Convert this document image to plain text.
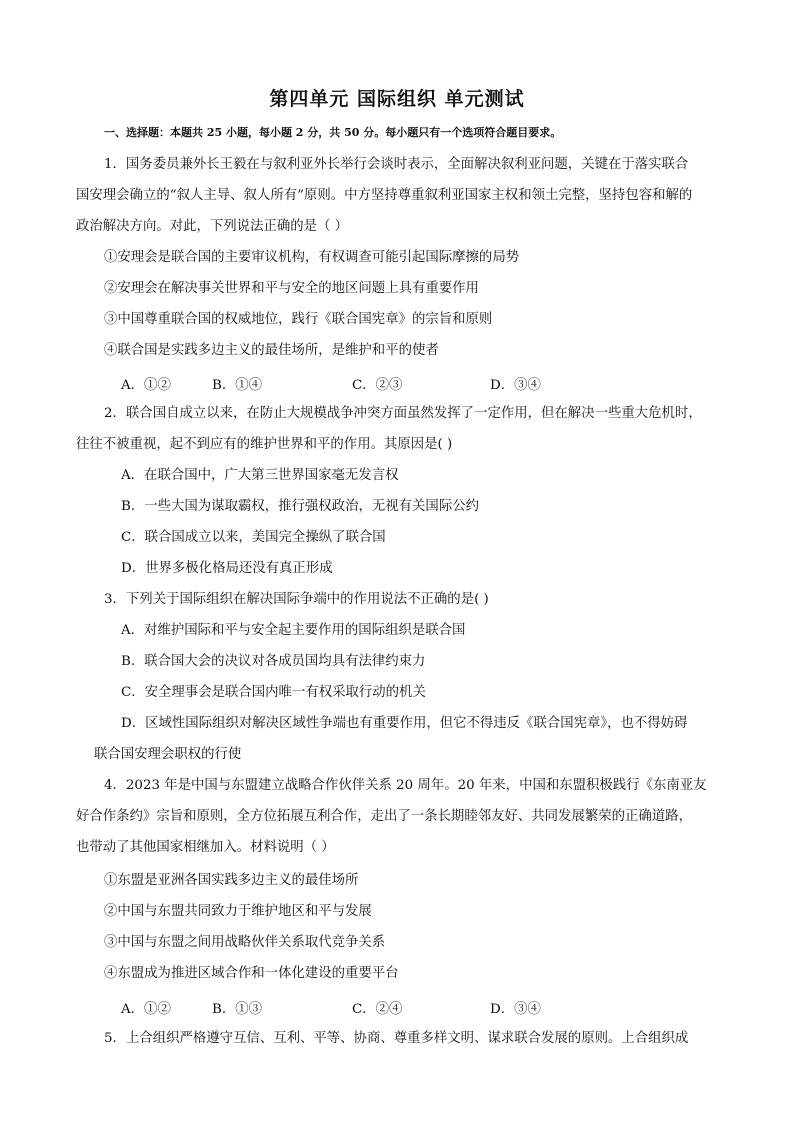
第四单元 国际组织 单元测试
一、选择题：本题共 25 小题，每小题 2 分，共 50 分。每小题只有一个选项符合题目要求。
1．国务委员兼外长王毅在与叙利亚外长举行会谈时表示，全面解决叙利亚问题，关键在于落实联合
国安理会确立的“叙人主导、叙人所有”原则。中方坚持尊重叙利亚国家主权和领土完整，坚持包容和解的
政治解决方向。对此，下列说法正确的是（ ）
①安理会是联合国的主要审议机构，有权调查可能引起国际摩擦的局势
②安理会在解决事关世界和平与安全的地区问题上具有重要作用
③中国尊重联合国的权威地位，践行《联合国宪章》的宗旨和原则
④联合国是实践多边主义的最佳场所，是维护和平的使者
A．①②	B．①④	C．②③	D．③④
2．联合国自成立以来，在防止大规模战争冲突方面虽然发挥了一定作用，但在解决一些重大危机时，
往往不被重视，起不到应有的维护世界和平的作用。其原因是( )
A．在联合国中，广大第三世界国家毫无发言权
B．一些大国为谋取霸权，推行强权政治，无视有关国际公约
C．联合国成立以来，美国完全操纵了联合国
D．世界多极化格局还没有真正形成
3．下列关于国际组织在解决国际争端中的作用说法不正确的是( )
A．对维护国际和平与安全起主要作用的国际组织是联合国
B．联合国大会的决议对各成员国均具有法律约束力
C．安全理事会是联合国内唯一有权采取行动的机关
D．区域性国际组织对解决区域性争端也有重要作用，但它不得违反《联合国宪章》，也不得妨碍
联合国安理会职权的行使
4．2023 年是中国与东盟建立战略合作伙伴关系 20 周年。20 年来，中国和东盟积极践行《东南亚友
好合作条约》宗旨和原则，全方位拓展互利合作，走出了一条长期睦邻友好、共同发展繁荣的正确道路，
也带动了其他国家相继加入。材料说明（ ）
①东盟是亚洲各国实践多边主义的最佳场所
②中国与东盟共同致力于维护地区和平与发展
③中国与东盟之间用战略伙伴关系取代竞争关系
④东盟成为推进区域合作和一体化建设的重要平台
A．①②	B．①③	C．②④	D．③④
5．上合组织严格遵守互信、互利、平等、协商、尊重多样文明、谋求联合发展的原则。上合组织成
